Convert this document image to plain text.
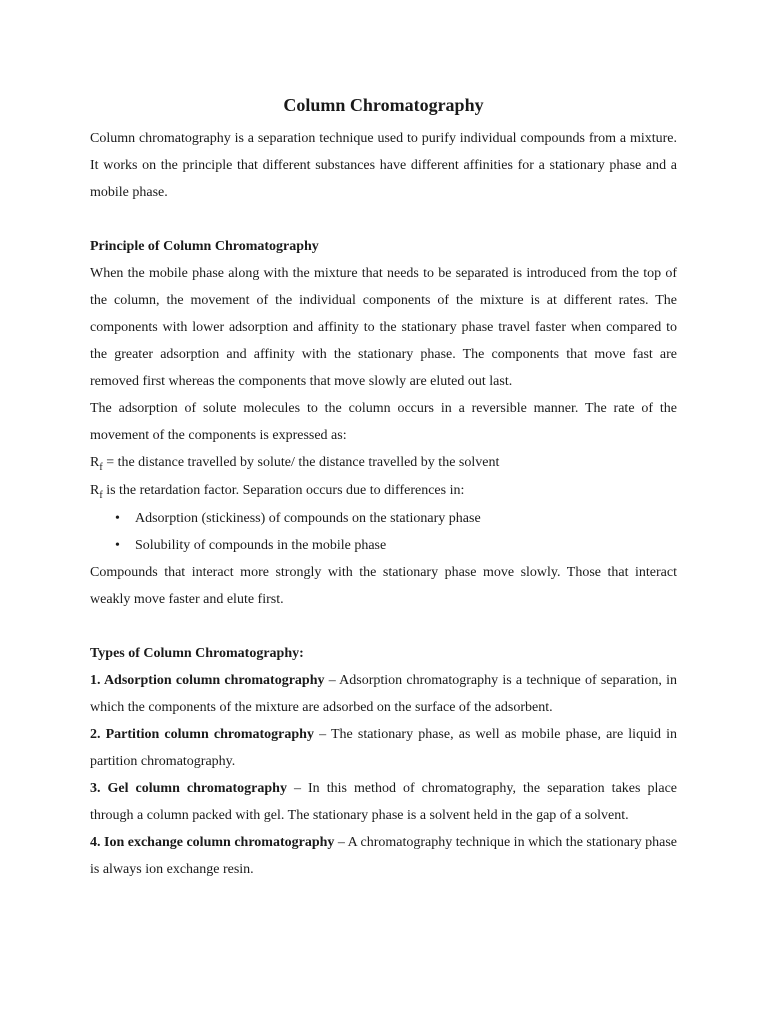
Column Chromatography

Column chromatography is a separation technique used to purify individual compounds from a mixture. It works on the principle that different substances have different affinities for a stationary phase and a mobile phase.

Principle of Column Chromatography

When the mobile phase along with the mixture that needs to be separated is introduced from the top of the column, the movement of the individual components of the mixture is at different rates. The components with lower adsorption and affinity to the stationary phase travel faster when compared to the greater adsorption and affinity with the stationary phase. The components that move fast are removed first whereas the components that move slowly are eluted out last.

The adsorption of solute molecules to the column occurs in a reversible manner. The rate of the movement of the components is expressed as:

$R_f$ = the distance travelled by solute/ the distance travelled by the solvent

$R_f$ is the retardation factor. Separation occurs due to differences in:

• Adsorption (stickiness) of compounds on the stationary phase
• Solubility of compounds in the mobile phase

Compounds that interact more strongly with the stationary phase move slowly. Those that interact weakly move faster and elute first.

Types of Column Chromatography:

1. Adsorption column chromatography – Adsorption chromatography is a technique of separation, in which the components of the mixture are adsorbed on the surface of the adsorbent.

2. Partition column chromatography – The stationary phase, as well as mobile phase, are liquid in partition chromatography.

3. Gel column chromatography – In this method of chromatography, the separation takes place through a column packed with gel. The stationary phase is a solvent held in the gap of a solvent.

4. Ion exchange column chromatography – A chromatography technique in which the stationary phase is always ion exchange resin.
